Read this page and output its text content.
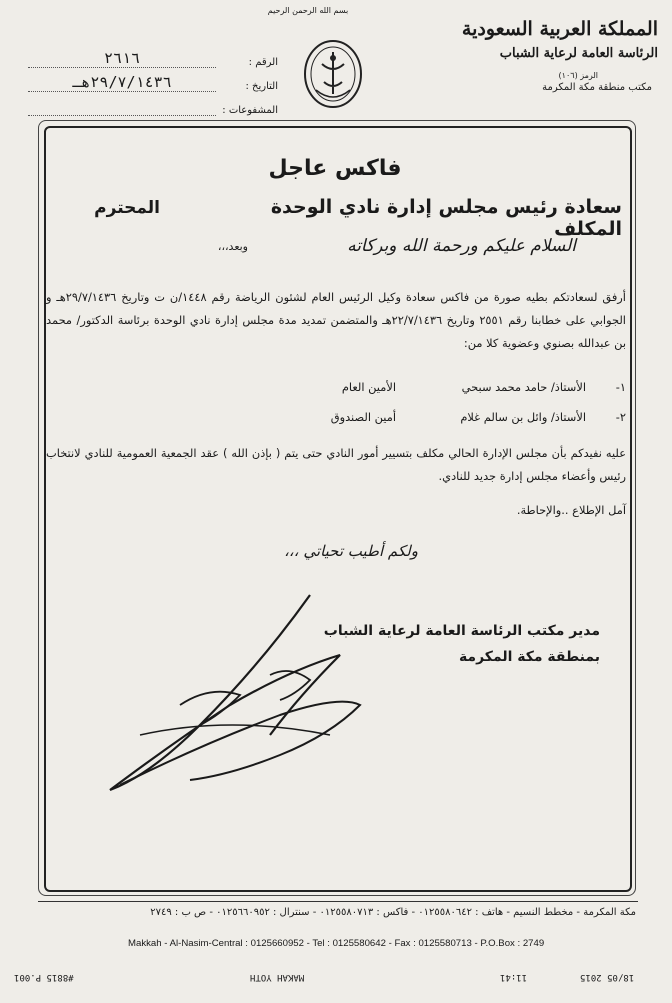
بسم الله الرحمن الرحيم
المملكة العربية السعودية
الرئاسة العامة لرعاية الشباب
الرمز (١٠٦)
مكتب منطقة مكة المكرمة
الرقم :
٢٦١٦
التاريخ :
٢٩/٧/١٤٣٦هـ
المشفوعات :
فاكس عاجل
سعادة رئيس مجلس إدارة نادي الوحدة المكلف
المحترم
السلام عليكم ورحمة الله وبركاته
وبعد،،،
أرفق لسعادتكم بطيه صورة من فاكس سعادة وكيل الرئيس العام لشئون الرياضة رقم ١٤٤٨/ن ت وتاريخ ٢٩/٧/١٤٣٦هـ و الجوابي على خطابنا رقم ٢٥٥١ وتاريخ ٢٢/٧/١٤٣٦هـ والمتضمن تمديد مدة مجلس إدارة نادي الوحدة برئاسة الدكتور/ محمد بن عبدالله بصنوي وعضوية كلا من:
١-
الأستاذ/ حامد محمد سبحي
الأمين العام
٢-
الأستاذ/ وائل بن سالم غلام
أمين الصندوق
عليه نفيدكم بأن مجلس الإدارة الحالي مكلف بتسيير أمور النادي حتى يتم ( بإذن الله ) عقد الجمعية العمومية للنادي لانتخاب رئيس وأعضاء مجلس إدارة جديد للنادي.
آمل الإطلاع ..والإحاطة.
ولكم أطيب تحياتي ،،،
مدير مكتب الرئاسة العامة لرعاية الشباب
بمنطقة مكة المكرمة
مكة المكرمة - مخطط النسيم - هاتف : ٠١٢٥٥٨٠٦٤٢ - فاكس : ٠١٢٥٥٨٠٧١٣ - سنترال : ٠١٢٥٦٦٠٩٥٢ - ص ب : ٢٧٤٩
Makkah - Al-Nasim-Central : 0125660952 - Tel : 0125580642 - Fax : 0125580713 - P.O.Box : 2749
#8815 P.001	MAKAH YOTH	11:41	18/05 2015
